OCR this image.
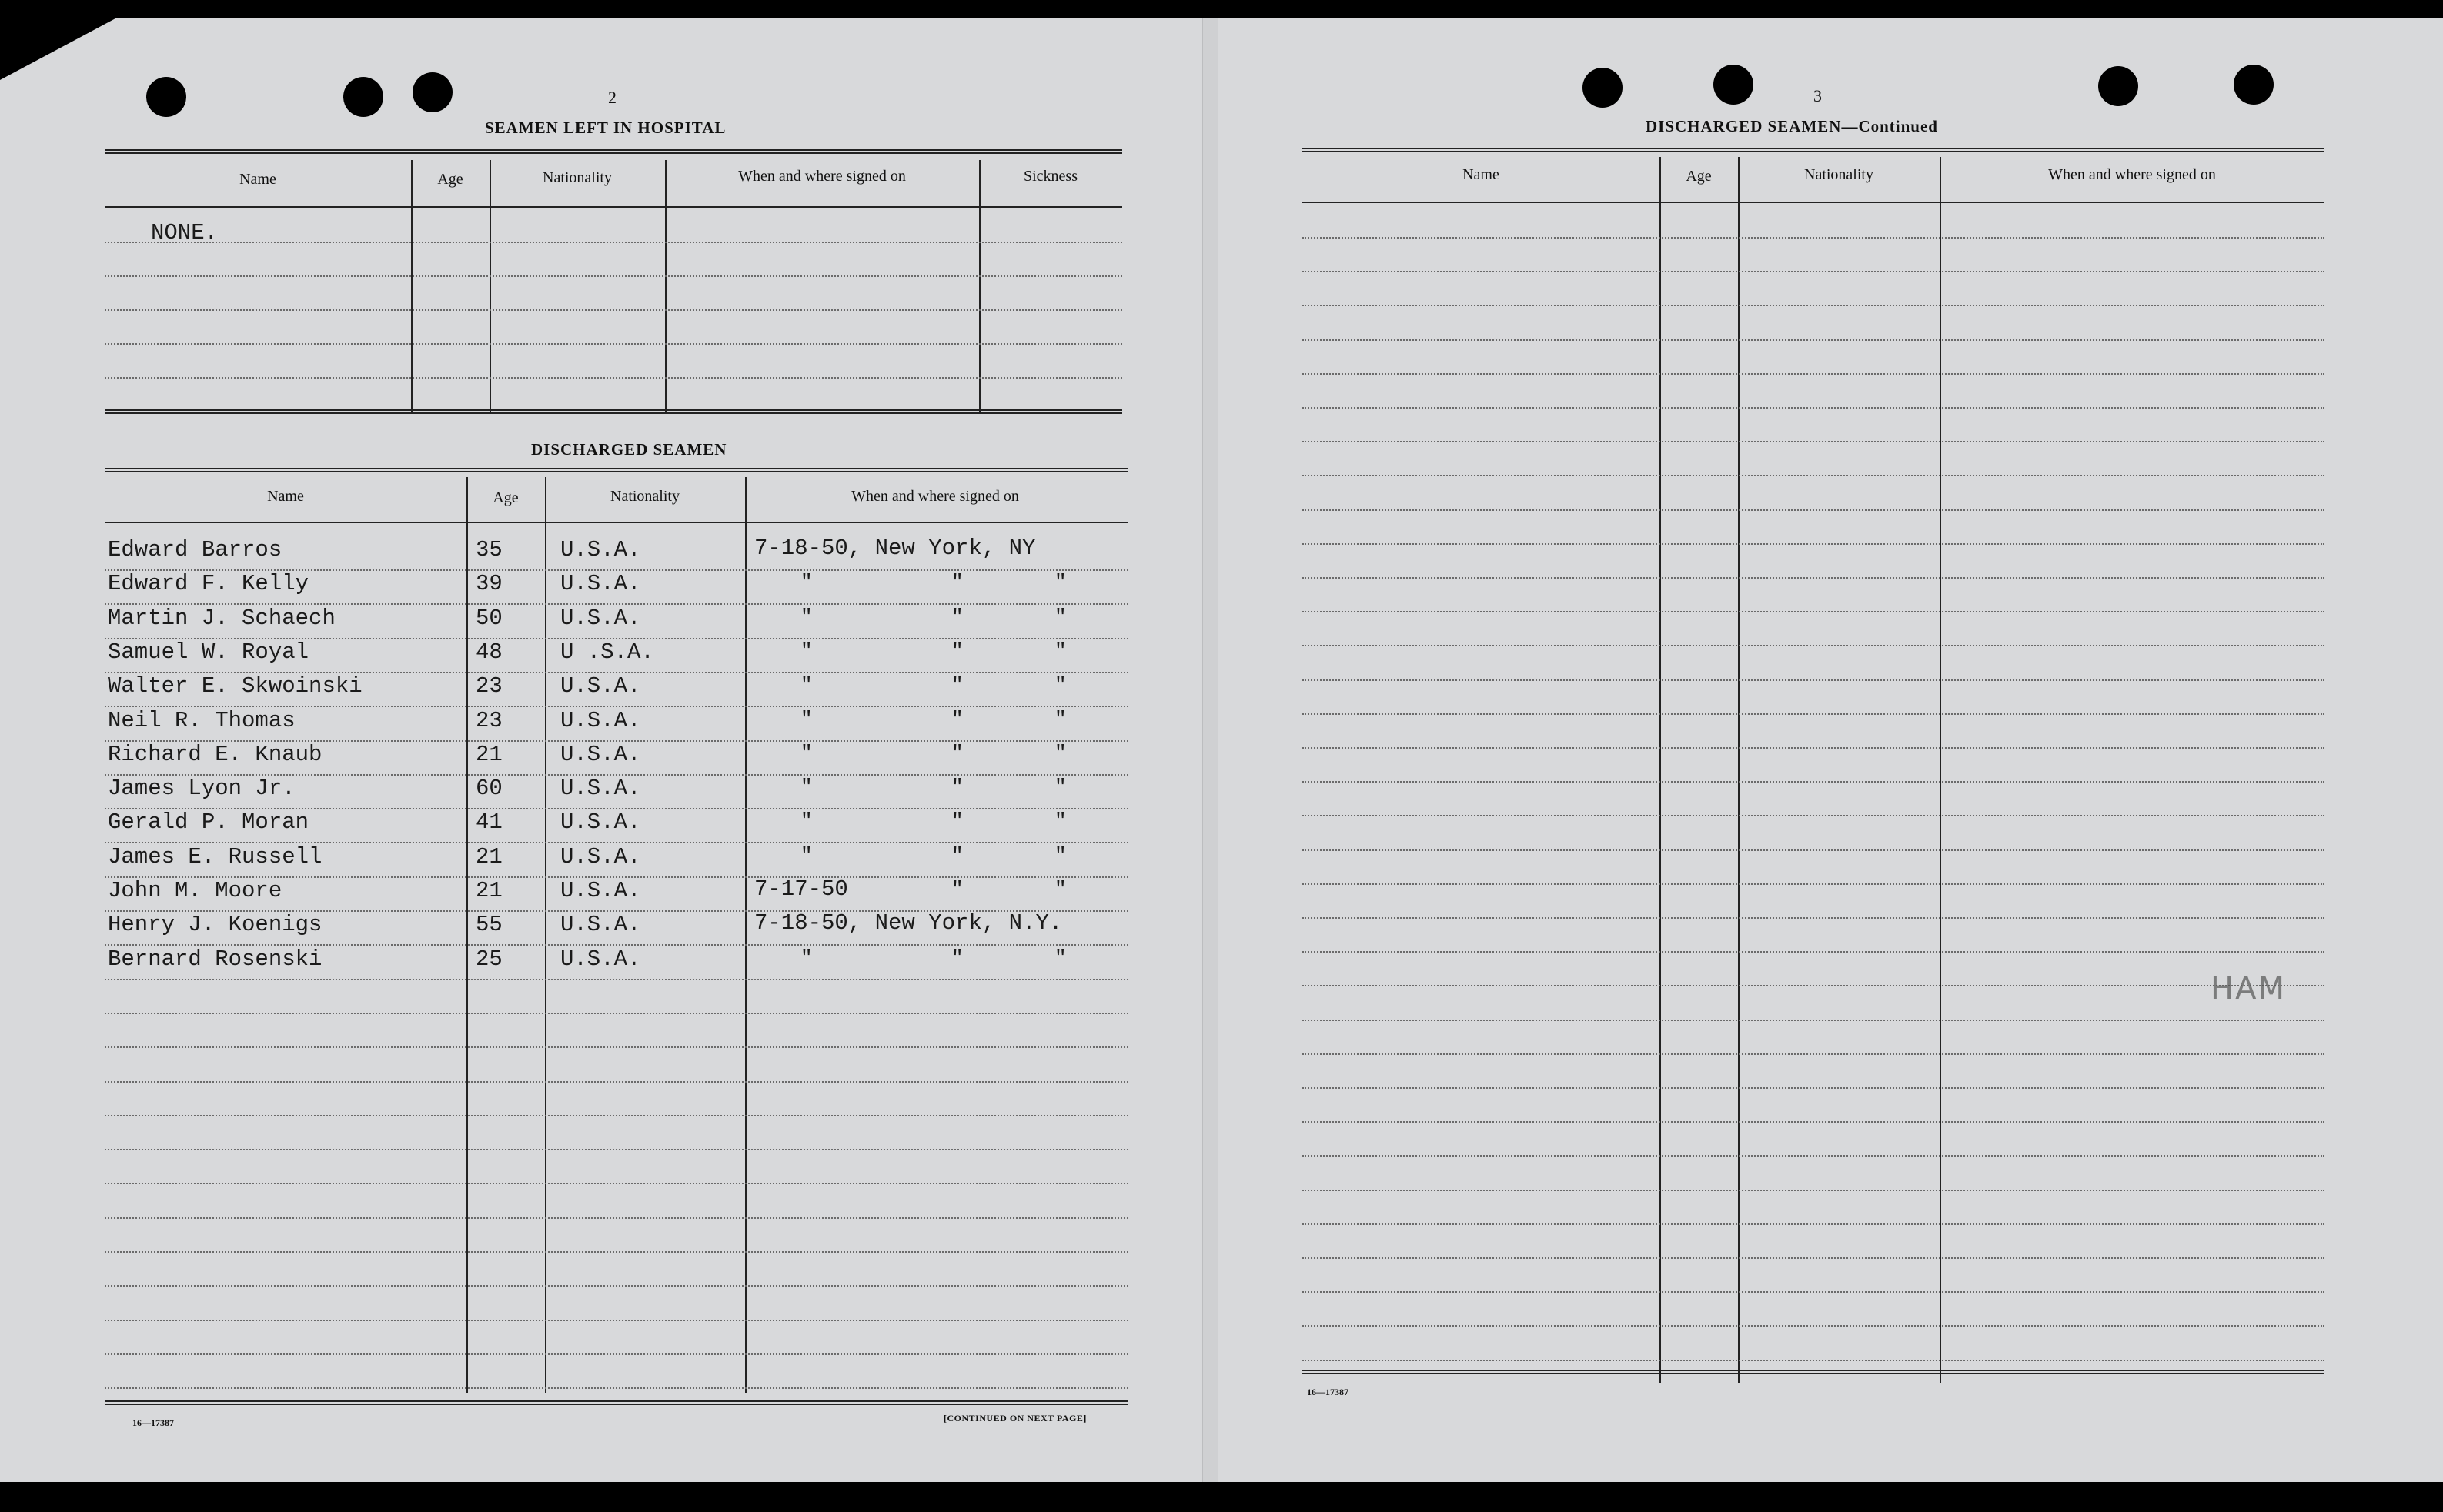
2
SEAMEN LEFT IN HOSPITAL
Name	Age	Nationality	When and where signed on	Sickness
NONE.
DISCHARGED SEAMEN
Name	Age	Nationality	When and where signed on
Edward Barros	35	U.S.A.	7-18-50, New York, NY
Edward F. Kelly	39	U.S.A.	"	"	"
Martin J. Schaech	50	U.S.A.	"	"	"
Samuel W. Royal	48	U .S.A.	"	"	"
Walter E. Skwoinski	23	U.S.A.	"	"	"
Neil R. Thomas	23	U.S.A.	"	"	"
Richard E. Knaub	21	U.S.A.	"	"	"
James Lyon Jr.	60	U.S.A.	"	"	"
Gerald P. Moran	41	U.S.A.	"	"	"
James E. Russell	21	U.S.A.	"	"	"
John M. Moore	21	U.S.A.	7-17-50	"	"
Henry J. Koenigs	55	U.S.A.	7-18-50, New York, N.Y.
Bernard Rosenski	25	U.S.A.	"	"	"
16—17387	[CONTINUED ON NEXT PAGE]
3
DISCHARGED SEAMEN—Continued
Name	Age	Nationality	When and where signed on
HAM
16—17387
